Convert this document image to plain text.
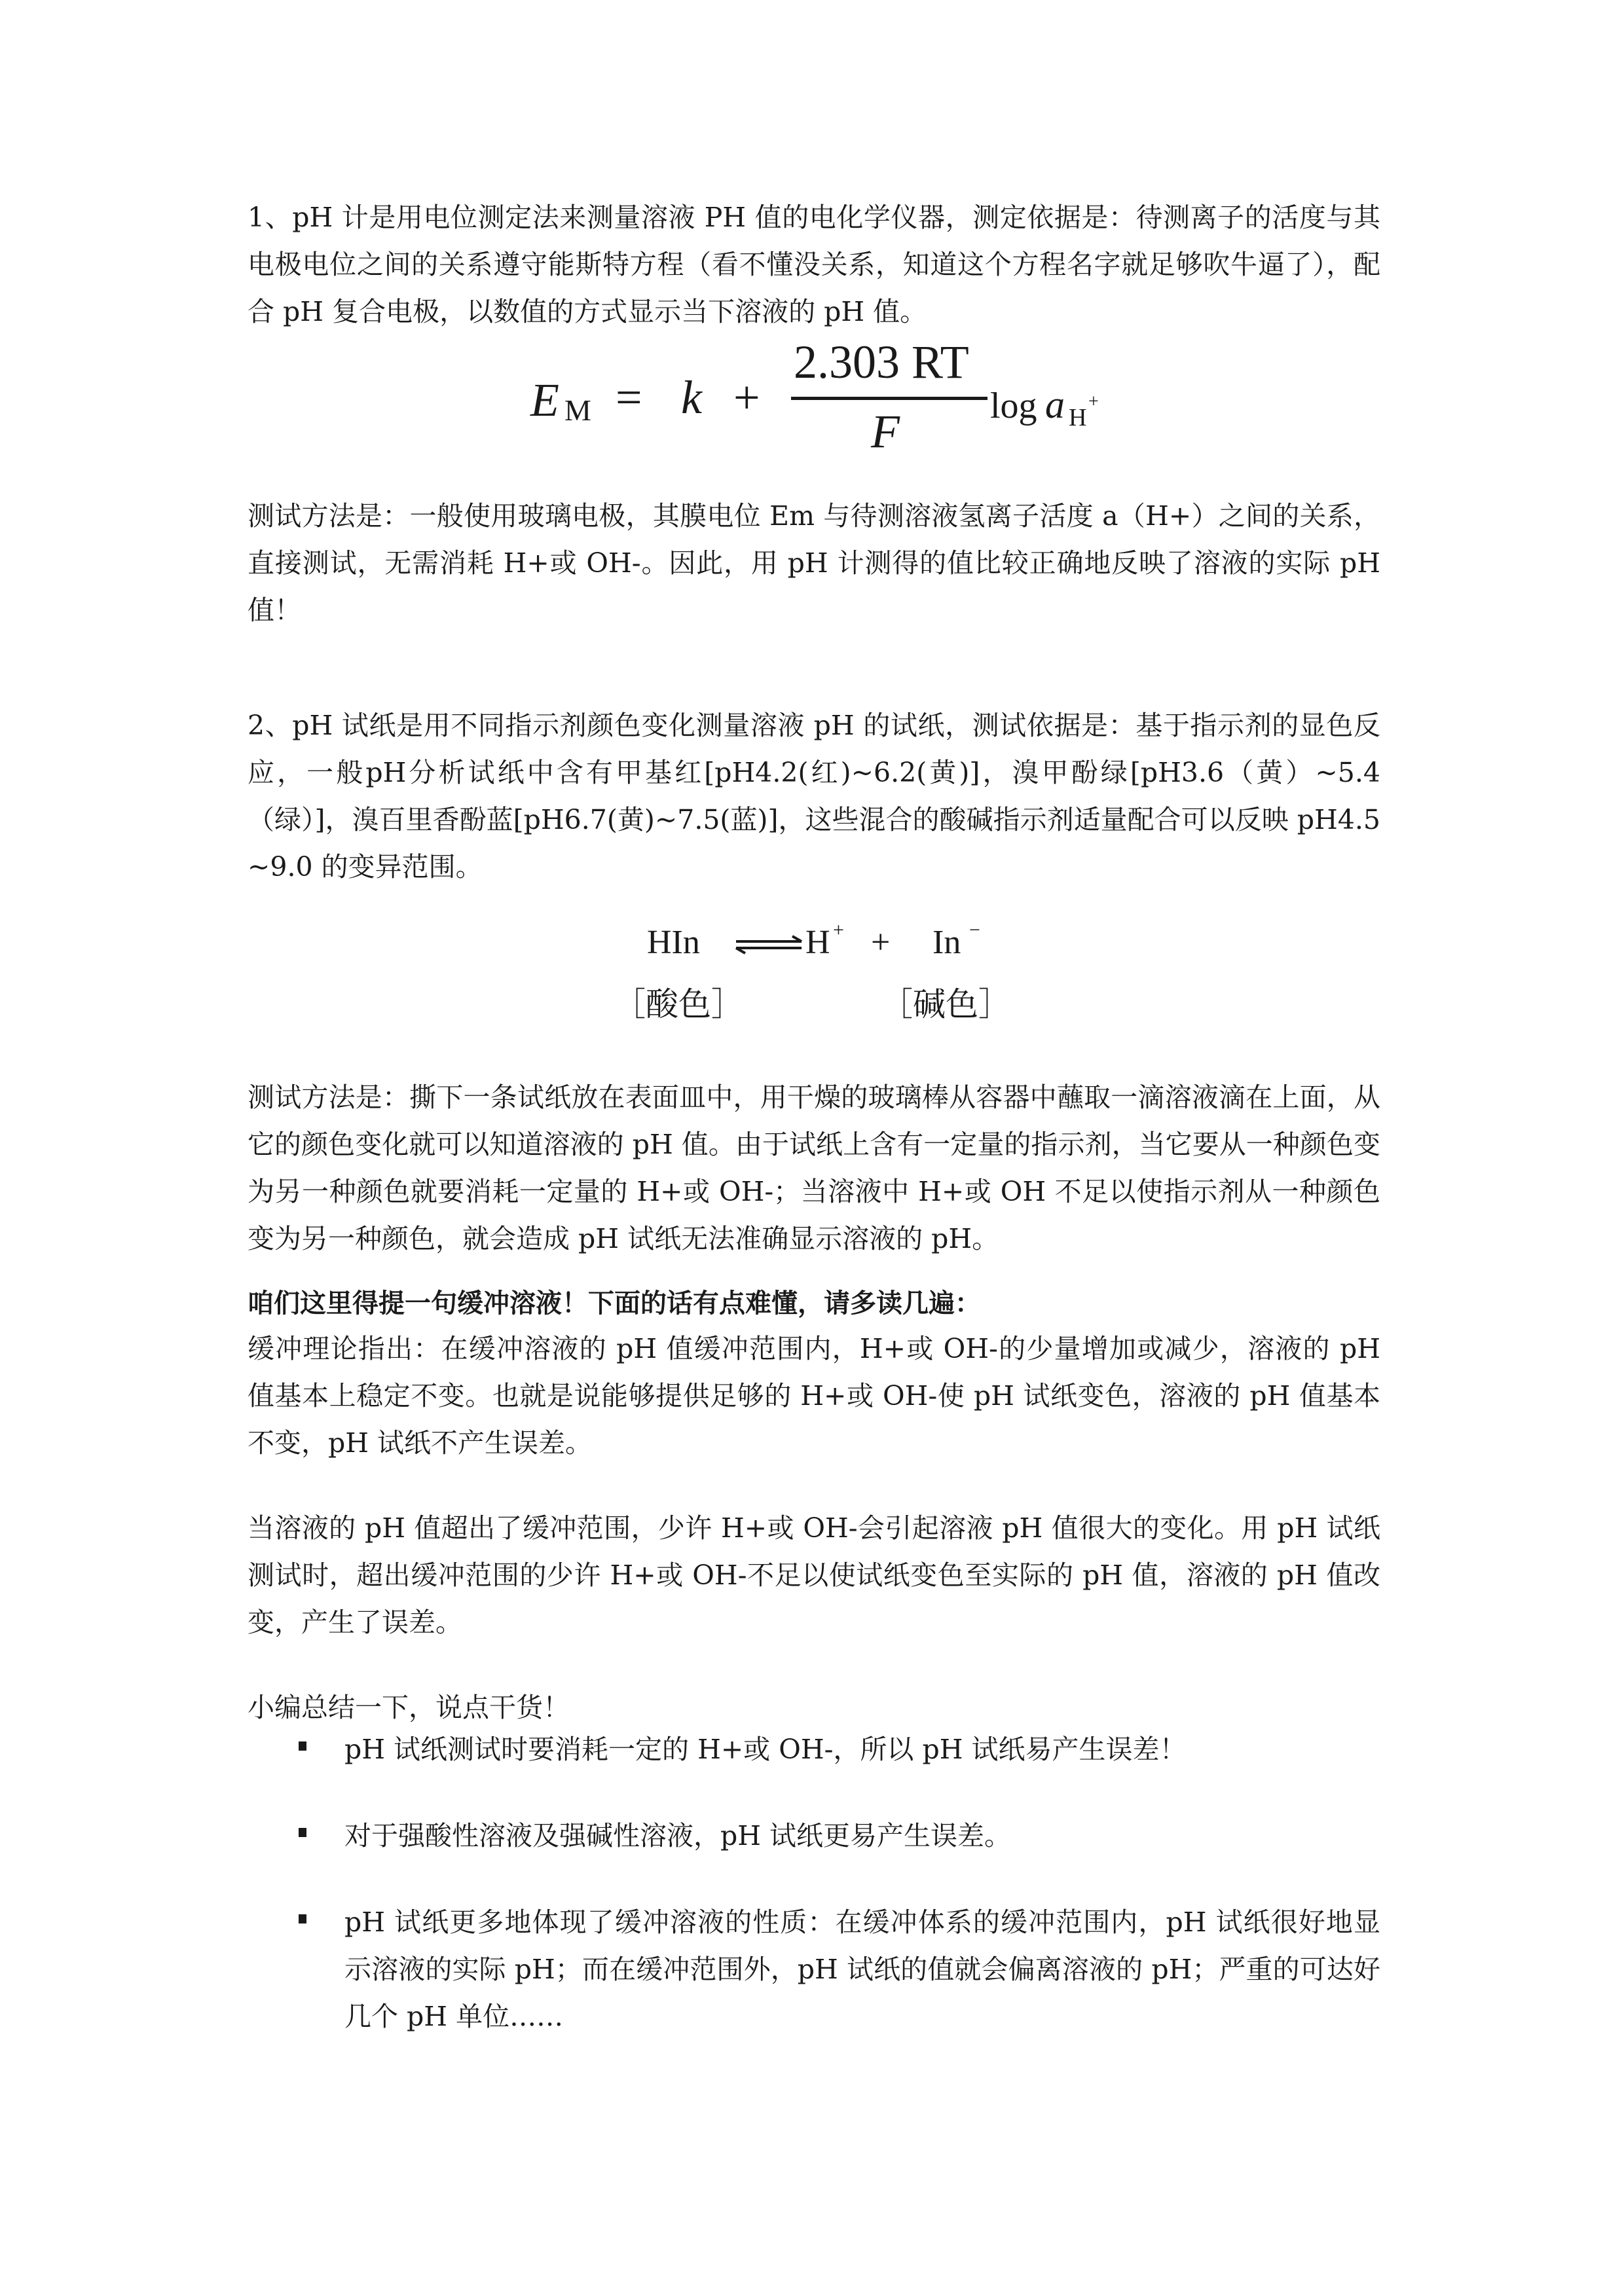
1、pH 计是用电位测定法来测量溶液 PH 值的电化学仪器，测定依据是：待测离子的活度与其电极电位之间的关系遵守能斯特方程（看不懂没关系，知道这个方程名字就足够吹牛逼了），配合 pH 复合电极，以数值的方式显示当下溶液的 pH 值。

E M = k +
2.303 RT
F log a H
+

测试方法是：一般使用玻璃电极，其膜电位 Em 与待测溶液氢离子活度 a（H+）之间的关系，直接测试，无需消耗 H+或 OH-。因此，用 pH 计测得的值比较正确地反映了溶液的实际 pH 值！

2、pH 试纸是用不同指示剂颜色变化测量溶液 pH 的试纸，测试依据是：基于指示剂的显色反应，一般pH分析试纸中含有甲基红[pH4.2(红)~6.2(黄)]，溴甲酚绿[pH3.6（黄）~5.4（绿）]，溴百里香酚蓝[pH6.7(黄)~7.5(蓝)]，这些混合的酸碱指示剂适量配合可以反映 pH4.5~9.0 的变异范围。

HIn	H + + In −
［酸色］	［碱色］

测试方法是：撕下一条试纸放在表面皿中，用干燥的玻璃棒从容器中蘸取一滴溶液滴在上面，从它的颜色变化就可以知道溶液的 pH 值。由于试纸上含有一定量的指示剂，当它要从一种颜色变为另一种颜色就要消耗一定量的 H+或 OH-；当溶液中 H+或 OH 不足以使指示剂从一种颜色变为另一种颜色，就会造成 pH 试纸无法准确显示溶液的 pH。

咱们这里得提一句缓冲溶液！下面的话有点难懂，请多读几遍：

缓冲理论指出：在缓冲溶液的 pH 值缓冲范围内，H+或 OH-的少量增加或减少，溶液的 pH 值基本上稳定不变。也就是说能够提供足够的 H+或 OH-使 pH 试纸变色，溶液的 pH 值基本不变，pH 试纸不产生误差。

当溶液的 pH 值超出了缓冲范围，少许 H+或 OH-会引起溶液 pH 值很大的变化。用 pH 试纸测试时，超出缓冲范围的少许 H+或 OH-不足以使试纸变色至实际的 pH 值，溶液的 pH 值改变，产生了误差。

小编总结一下，说点干货！

pH 试纸测试时要消耗一定的 H+或 OH-，所以 pH 试纸易产生误差！

对于强酸性溶液及强碱性溶液，pH 试纸更易产生误差。

pH 试纸更多地体现了缓冲溶液的性质：在缓冲体系的缓冲范围内，pH 试纸很好地显示溶液的实际 pH；而在缓冲范围外，pH 试纸的值就会偏离溶液的 pH；严重的可达好几个 pH 单位……
